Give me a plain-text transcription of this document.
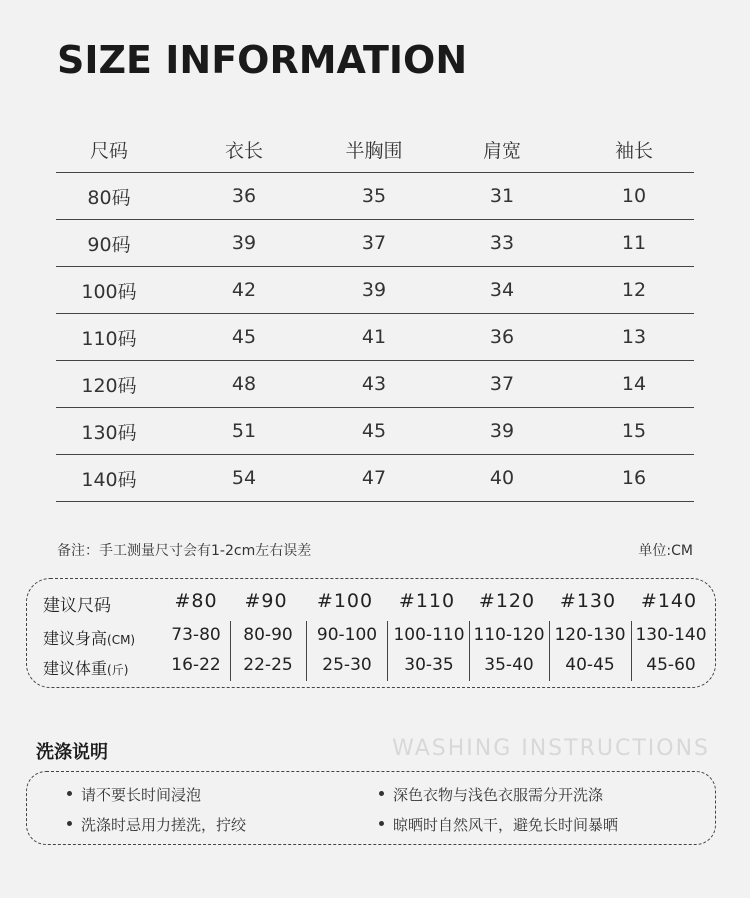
SIZE INFORMATION
尺码	衣长	半胸围	肩宽	袖长
80码	36	35	31	10
90码	39	37	33	11
100码	42	39	34	12
110码	45	41	36	13
120码	48	43	37	14
130码	51	45	39	15
140码	54	47	40	16
备注：手工测量尺寸会有1-2cm左右误差	单位:CM
建议尺码	#80	#90	#100	#110	#120	#130	#140
建议身高(CM)	73-80	80-90	90-100 100-110 110-120 120-130 130-140
建议体重(斤)	16-22	22-25	25-30	30-35	35-40	40-45	45-60
洗涤说明	WASHING INSTRUCTIONS
请不要长时间浸泡	深色衣物与浅色衣服需分开洗涤
洗涤时忌用力搓洗，拧绞	晾晒时自然风干，避免长时间暴晒
